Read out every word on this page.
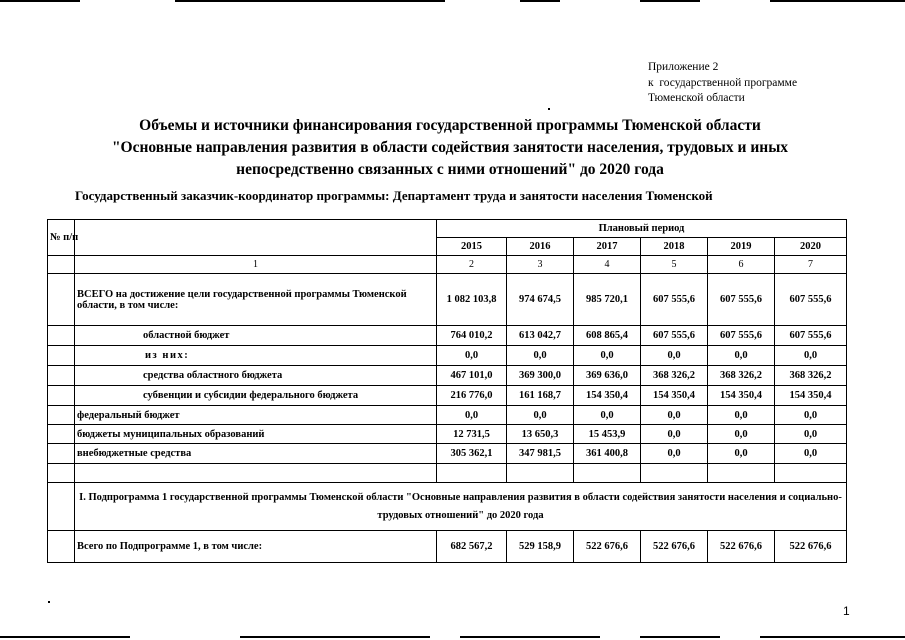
Приложение 2
к  государственной программе
Тюменской области
Объемы и источники финансирования государственной программы Тюменской области
"Основные направления развития в области содействия занятости населения, трудовых и иных
непосредственно связанных с ними отношений" до 2020 года
Государственный заказчик-координатор программы: Департамент труда и занятости населения Тюменской
№ п/п		Плановый период					
		2015	2016	2017	2018	2019	2020
	1	2	3	4	5	6	7
	ВСЕГО на достижение цели государственной программы Тюменской области, в том числе:	1 082 103,8	974 674,5	985 720,1	607 555,6	607 555,6	607 555,6
	областной бюджет	764 010,2	613 042,7	608 865,4	607 555,6	607 555,6	607 555,6
	из них:	0,0	0,0	0,0	0,0	0,0	0,0
	средства областного бюджета	467 101,0	369 300,0	369 636,0	368 326,2	368 326,2	368 326,2
	субвенции и субсидии федерального бюджета	216 776,0	161 168,7	154 350,4	154 350,4	154 350,4	154 350,4
	федеральный бюджет	0,0	0,0	0,0	0,0	0,0	0,0
	бюджеты муниципальных образований	12 731,5	13 650,3	15 453,9	0,0	0,0	0,0
	внебюджетные средства	305 362,1	347 981,5	361 400,8	0,0	0,0	0,0

	I. Подпрограмма 1 государственной программы Тюменской области "Основные направления развития в области содействия занятости населения и социально-трудовых отношений" до 2020 года						
	Всего по Подпрограмме 1, в том числе:	682 567,2	529 158,9	522 676,6	522 676,6	522 676,6	522 676,6
1
